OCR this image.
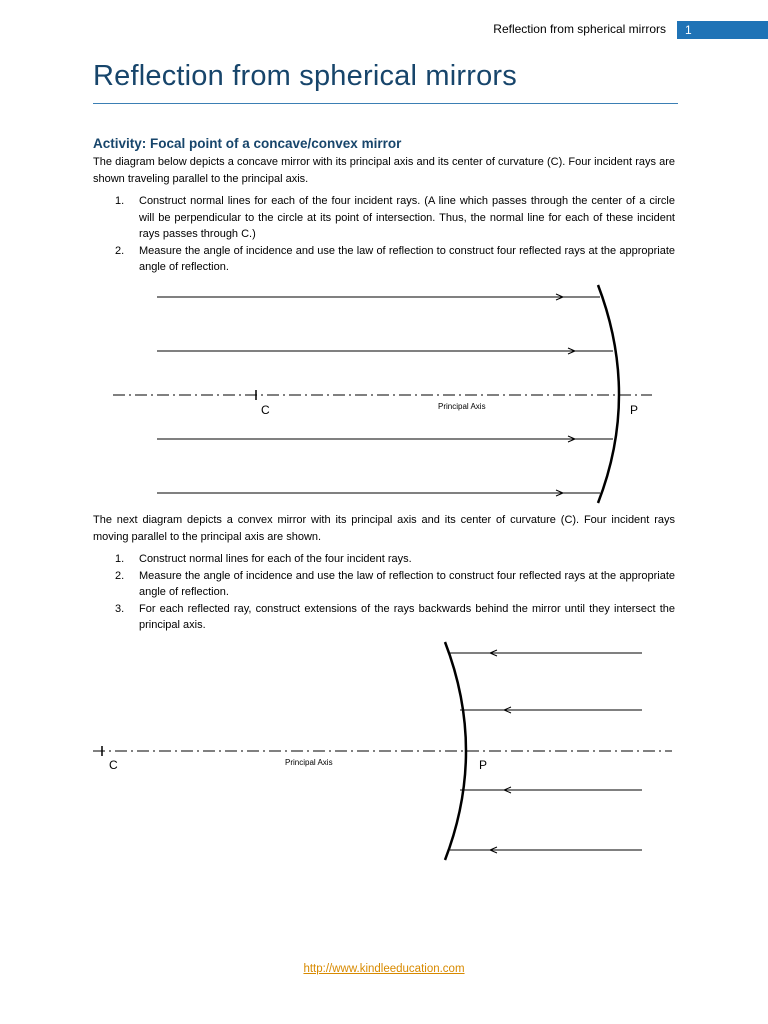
Reflection from spherical mirrors	1
Reflection from spherical mirrors
Activity: Focal point of a concave/convex mirror

The diagram below depicts a concave mirror with its principal axis and its center of curvature (C). Four incident rays are shown traveling parallel to the principal axis.

1. Construct normal lines for each of the four incident rays. (A line which passes through the center of a circle will be perpendicular to the circle at its point of intersection. Thus, the normal line for each of these incident rays passes through C.)
2. Measure the angle of incidence and use the law of reflection to construct four reflected rays at the appropriate angle of reflection.
C	Principal Axis	P

The next diagram depicts a convex mirror with its principal axis and its center of curvature (C). Four incident rays moving parallel to the principal axis are shown.

1. Construct normal lines for each of the four incident rays.
2. Measure the angle of incidence and use the law of reflection to construct four reflected rays at the appropriate angle of reflection.
3. For each reflected ray, construct extensions of the rays backwards behind the mirror until they intersect the principal axis.
C	Principal Axis	P
http://www.kindleeducation.com
